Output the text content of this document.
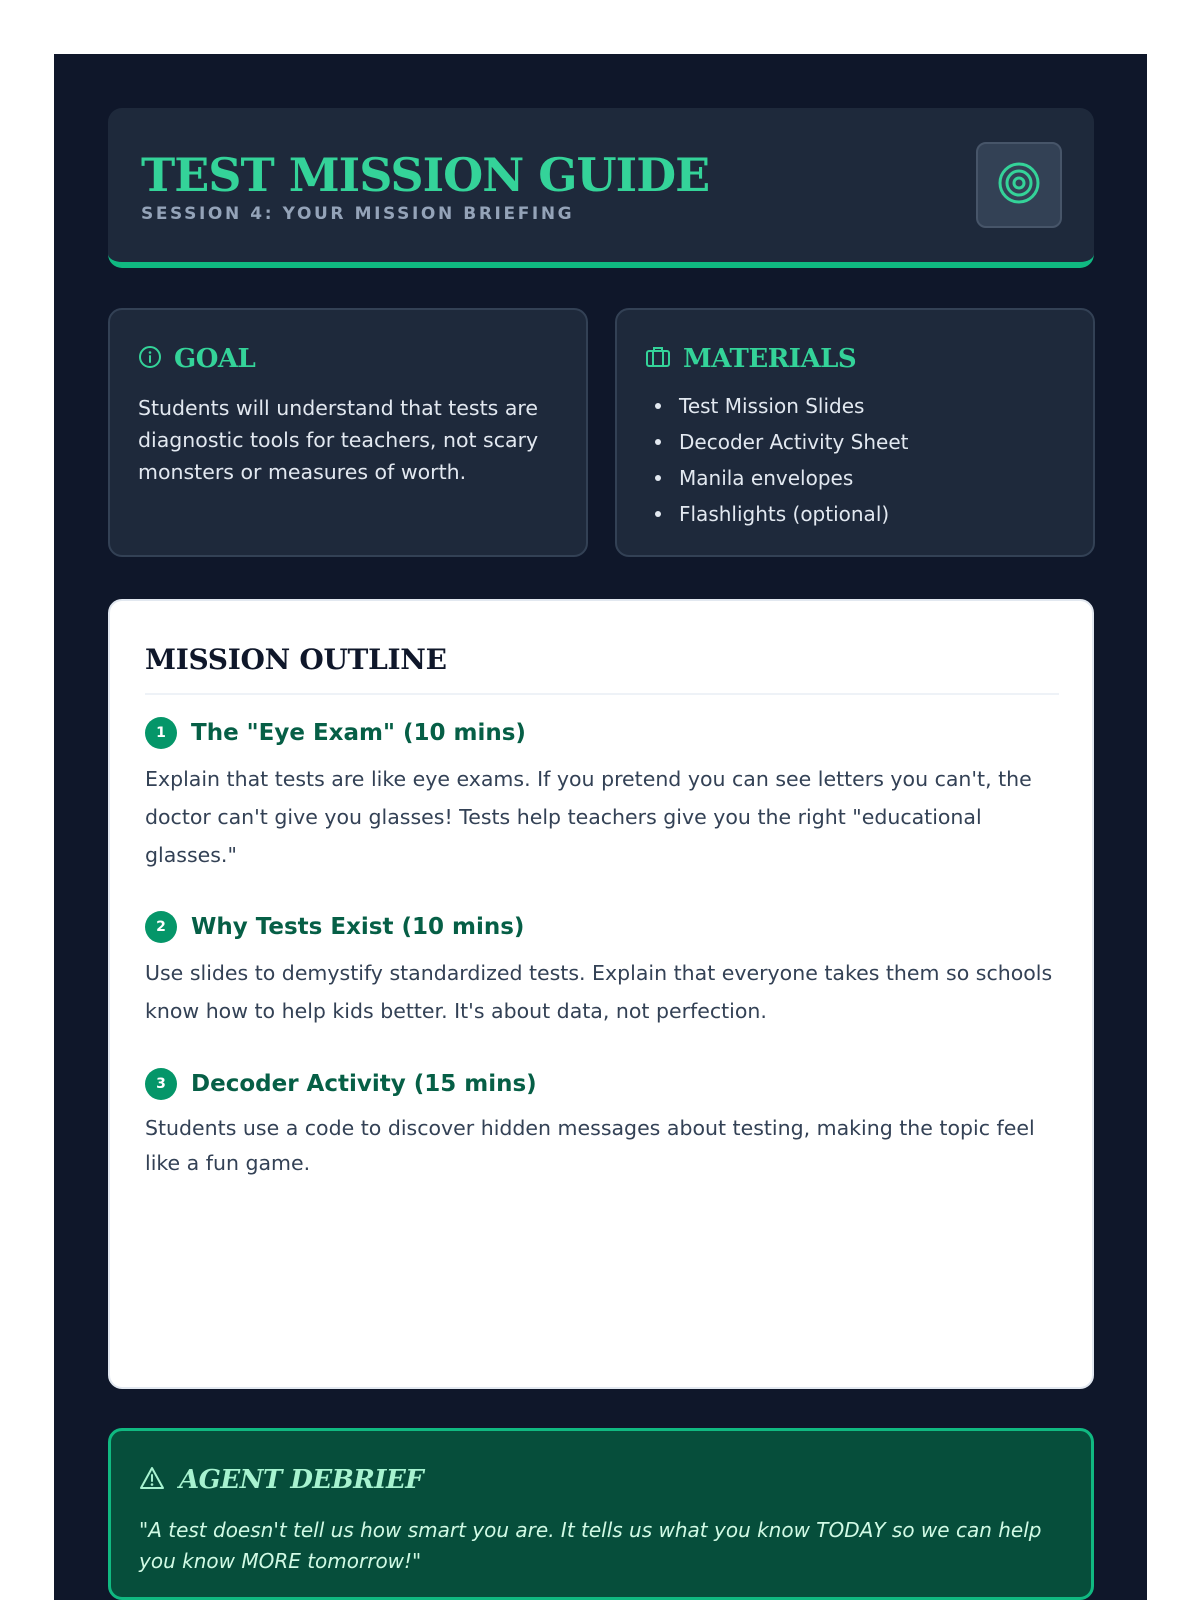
TEST MISSION GUIDE
SESSION 4: YOUR MISSION BRIEFING
GOAL
Students will understand that tests are diagnostic tools for teachers, not scary monsters or measures of worth.
MATERIALS
Test Mission Slides
Decoder Activity Sheet
Manila envelopes
Flashlights (optional)
MISSION OUTLINE
1	The "Eye Exam" (10 mins)
Explain that tests are like eye exams. If you pretend you can see letters you can't, the doctor can't give you glasses! Tests help teachers give you the right "educational glasses."
2	Why Tests Exist (10 mins)
Use slides to demystify standardized tests. Explain that everyone takes them so schools know how to help kids better. It's about data, not perfection.
3	Decoder Activity (15 mins)
Students use a code to discover hidden messages about testing, making the topic feel like a fun game.
AGENT DEBRIEF
"A test doesn't tell us how smart you are. It tells us what you know TODAY so we can help you know MORE tomorrow!"
